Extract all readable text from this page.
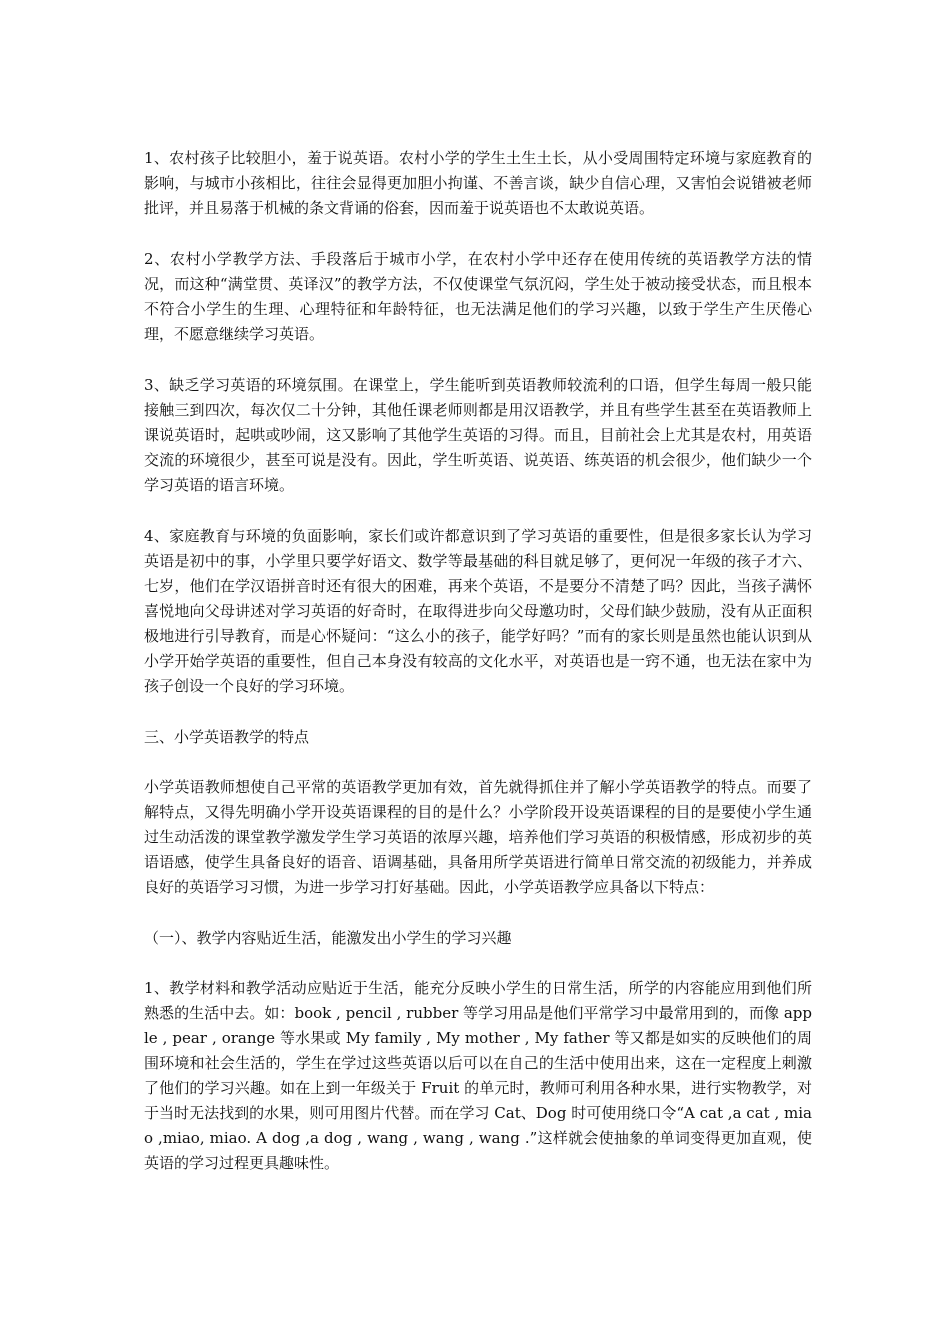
1、农村孩子比较胆小，羞于说英语。农村小学的学生土生土长，从小受周围特定环境与家庭教育的影响，与城市小孩相比，往往会显得更加胆小拘谨、不善言谈，缺少自信心理，又害怕会说错被老师批评，并且易落于机械的条文背诵的俗套，因而羞于说英语也不太敢说英语。

2、农村小学教学方法、手段落后于城市小学，在农村小学中还存在使用传统的英语教学方法的情况，而这种“满堂贯、英译汉”的教学方法，不仅使课堂气氛沉闷，学生处于被动接受状态，而且根本不符合小学生的生理、心理特征和年龄特征，也无法满足他们的学习兴趣，以致于学生产生厌倦心理，不愿意继续学习英语。

3、缺乏学习英语的环境氛围。在课堂上，学生能听到英语教师较流利的口语，但学生每周一般只能接触三到四次，每次仅二十分钟，其他任课老师则都是用汉语教学，并且有些学生甚至在英语教师上课说英语时，起哄或吵闹，这又影响了其他学生英语的习得。而且，目前社会上尤其是农村，用英语交流的环境很少，甚至可说是没有。因此，学生听英语、说英语、练英语的机会很少，他们缺少一个学习英语的语言环境。

4、家庭教育与环境的负面影响，家长们或许都意识到了学习英语的重要性，但是很多家长认为学习英语是初中的事，小学里只要学好语文、数学等最基础的科目就足够了，更何况一年级的孩子才六、七岁，他们在学汉语拼音时还有很大的困难，再来个英语，不是要分不清楚了吗？因此，当孩子满怀喜悦地向父母讲述对学习英语的好奇时，在取得进步向父母邀功时，父母们缺少鼓励，没有从正面积极地进行引导教育，而是心怀疑问：“这么小的孩子，能学好吗？”而有的家长则是虽然也能认识到从小学开始学英语的重要性，但自己本身没有较高的文化水平，对英语也是一窍不通，也无法在家中为孩子创设一个良好的学习环境。

三、小学英语教学的特点

小学英语教师想使自己平常的英语教学更加有效，首先就得抓住并了解小学英语教学的特点。而要了解特点，又得先明确小学开设英语课程的目的是什么？小学阶段开设英语课程的目的是要使小学生通过生动活泼的课堂教学激发学生学习英语的浓厚兴趣，培养他们学习英语的积极情感，形成初步的英语语感，使学生具备良好的语音、语调基础，具备用所学英语进行简单日常交流的初级能力，并养成良好的英语学习习惯，为进一步学习打好基础。因此，小学英语教学应具备以下特点：

（一）、教学内容贴近生活，能激发出小学生的学习兴趣

1、教学材料和教学活动应贴近于生活，能充分反映小学生的日常生活，所学的内容能应用到他们所熟悉的生活中去。如：book , pencil , rubber 等学习用品是他们平常学习中最常用到的，而像 apple , pear , orange 等水果或 My family , My mother , My father 等又都是如实的反映他们的周围环境和社会生活的，学生在学过这些英语以后可以在自己的生活中使用出来，这在一定程度上刺激了他们的学习兴趣。如在上到一年级关于 Fruit 的单元时，教师可利用各种水果，进行实物教学，对于当时无法找到的水果，则可用图片代替。而在学习 Cat、Dog 时可使用绕口令“A cat ,a cat , miao ,miao, miao. A dog ,a dog , wang , wang , wang .”这样就会使抽象的单词变得更加直观，使英语的学习过程更具趣味性。
